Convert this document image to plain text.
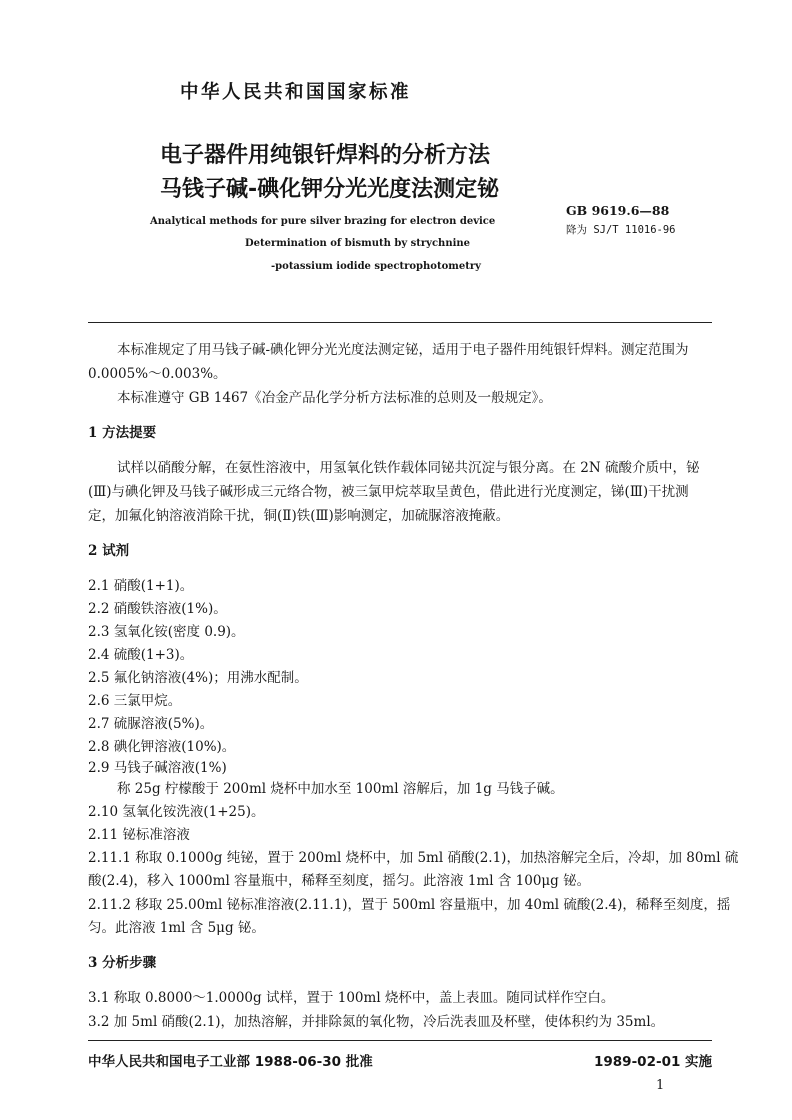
中华人民共和国国家标准
电子器件用纯银钎焊料的分析方法
马钱子碱-碘化钾分光光度法测定铋
GB 9619.6—88
降为 SJ/T 11016-96
Analytical methods for pure silver brazing for electron device
Determination of bismuth by strychnine
-potassium iodide spectrophotometry
本标准规定了用马钱子碱-碘化钾分光光度法测定铋，适用于电子器件用纯银钎焊料。测定范围为
0.0005%～0.003%。
本标准遵守 GB 1467《冶金产品化学分析方法标准的总则及一般规定》。
1 方法提要
试样以硝酸分解，在氨性溶液中，用氢氧化铁作载体同铋共沉淀与银分离。在 2N 硫酸介质中，铋
(Ⅲ)与碘化钾及马钱子碱形成三元络合物，被三氯甲烷萃取呈黄色，借此进行光度测定，锑(Ⅲ)干扰测
定，加氟化钠溶液消除干扰，铜(Ⅱ)铁(Ⅲ)影响测定，加硫脲溶液掩蔽。
2 试剂
2.1 硝酸(1+1)。
2.2 硝酸铁溶液(1%)。
2.3 氢氧化铵(密度 0.9)。
2.4 硫酸(1+3)。
2.5 氟化钠溶液(4%)；用沸水配制。
2.6 三氯甲烷。
2.7 硫脲溶液(5%)。
2.8 碘化钾溶液(10%)。
2.9 马钱子碱溶液(1%)
称 25g 柠檬酸于 200ml 烧杯中加水至 100ml 溶解后，加 1g 马钱子碱。
2.10 氢氧化铵洗液(1+25)。
2.11 铋标准溶液
2.11.1 称取 0.1000g 纯铋，置于 200ml 烧杯中，加 5ml 硝酸(2.1)，加热溶解完全后，冷却，加 80ml 硫
酸(2.4)，移入 1000ml 容量瓶中，稀释至刻度，摇匀。此溶液 1ml 含 100μg 铋。
2.11.2 移取 25.00ml 铋标准溶液(2.11.1)，置于 500ml 容量瓶中，加 40ml 硫酸(2.4)，稀释至刻度，摇
匀。此溶液 1ml 含 5μg 铋。
3 分析步骤
3.1 称取 0.8000～1.0000g 试样，置于 100ml 烧杯中，盖上表皿。随同试样作空白。
3.2 加 5ml 硝酸(2.1)，加热溶解，并排除氮的氧化物，冷后洗表皿及杯壁，使体积约为 35ml。
中华人民共和国电子工业部 1988-06-30 批准	1989-02-01 实施
1
